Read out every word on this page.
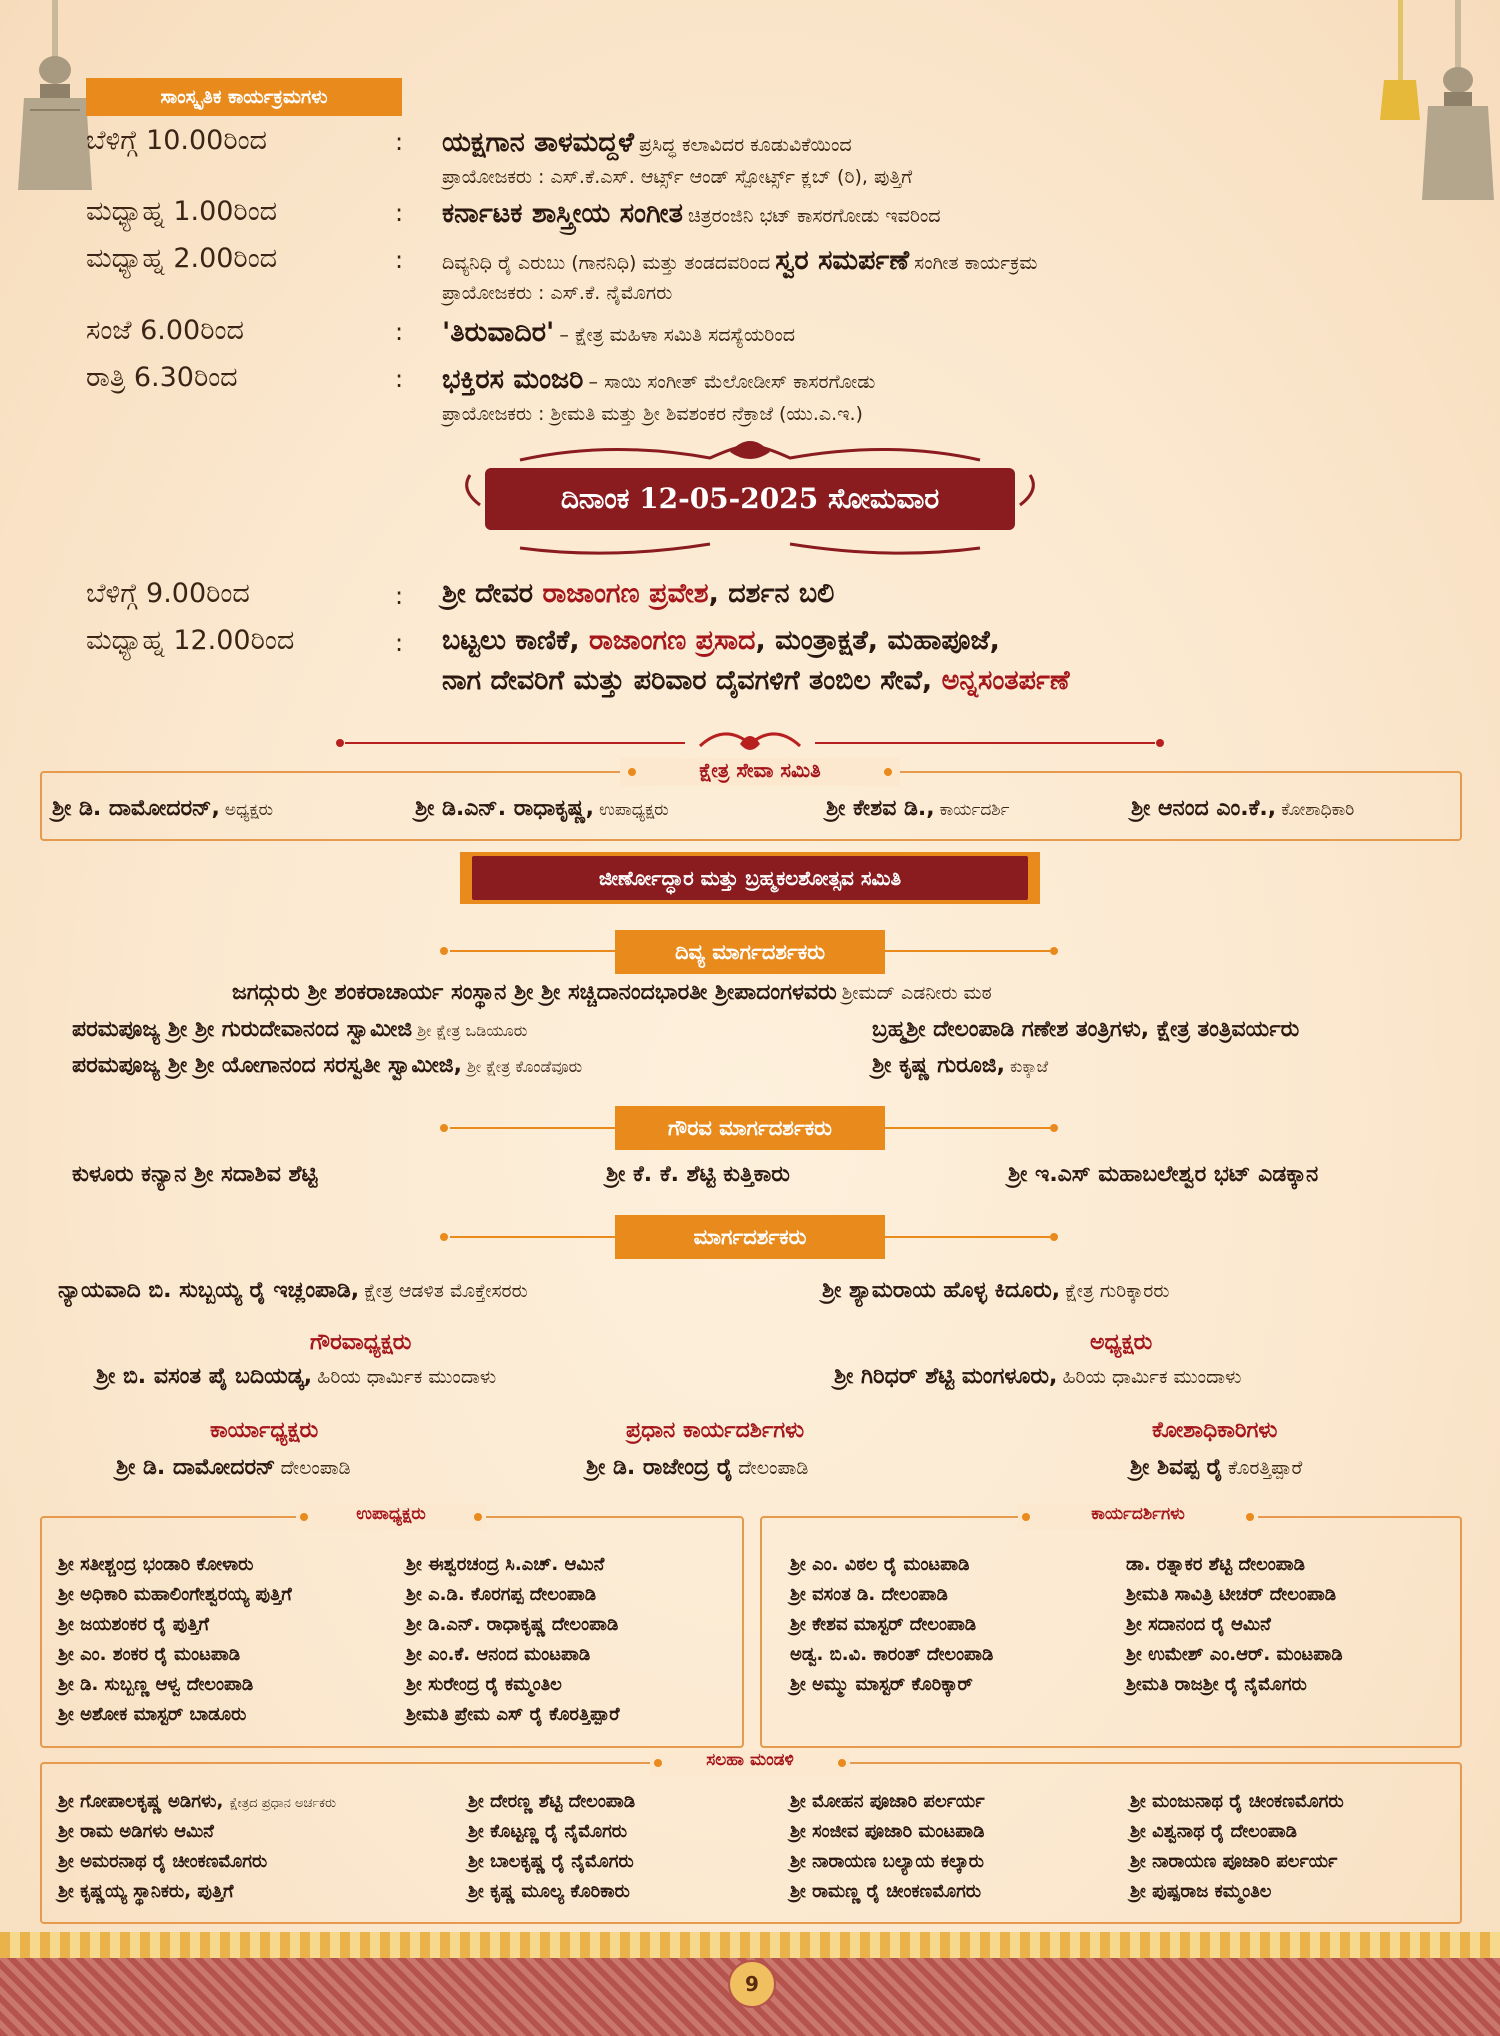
ಸಾಂಸ್ಕೃತಿಕ ಕಾರ್ಯಕ್ರಮಗಳು
ಬೆಳಿಗ್ಗೆ 10.00ರಿಂದ	: ಯಕ್ಷಗಾನ ತಾಳಮದ್ದಳೆ ಪ್ರಸಿದ್ಧ ಕಲಾವಿದರ ಕೂಡುವಿಕೆಯಿಂದ
ಪ್ರಾಯೋಜಕರು : ಎಸ್.ಕೆ.ಎಸ್. ಆರ್ಟ್ಸ್ ಆಂಡ್ ಸ್ಪೋರ್ಟ್ಸ್ ಕ್ಲಬ್ (ರಿ), ಪುತ್ತಿಗೆ
ಮಧ್ಯಾಹ್ನ 1.00ರಿಂದ	: ಕರ್ನಾಟಕ ಶಾಸ್ತ್ರೀಯ ಸಂಗೀತ ಚಿತ್ರರಂಜಿನಿ ಭಟ್ ಕಾಸರಗೋಡು ಇವರಿಂದ
ಮಧ್ಯಾಹ್ನ 2.00ರಿಂದ	: ದಿವ್ಯನಿಧಿ ರೈ ಎರುಬು (ಗಾನನಿಧಿ) ಮತ್ತು ತಂಡದವರಿಂದ ಸ್ವರ ಸಮರ್ಪಣೆ ಸಂಗೀತ ಕಾರ್ಯಕ್ರಮ
ಪ್ರಾಯೋಜಕರು : ಎಸ್.ಕೆ. ನೈಮೊಗರು
ಸಂಜೆ 6.00ರಿಂದ	: 'ತಿರುವಾದಿರ' – ಕ್ಷೇತ್ರ ಮಹಿಳಾ ಸಮಿತಿ ಸದಸ್ಯೆಯರಿಂದ
ರಾತ್ರಿ 6.30ರಿಂದ	: ಭಕ್ತಿರಸ ಮಂಜರಿ – ಸಾಯಿ ಸಂಗೀತ್ ಮೆಲೋಡೀಸ್ ಕಾಸರಗೋಡು
ಪ್ರಾಯೋಜಕರು : ಶ್ರೀಮತಿ ಮತ್ತು ಶ್ರೀ ಶಿವಶಂಕರ ನೆಕ್ರಾಜೆ (ಯು.ಎ.ಇ.)
ದಿನಾಂಕ 12-05-2025 ಸೋಮವಾರ
ಬೆಳಿಗ್ಗೆ 9.00ರಿಂದ	: ಶ್ರೀ ದೇವರ ರಾಜಾಂಗಣ ಪ್ರವೇಶ, ದರ್ಶನ ಬಲಿ
ಮಧ್ಯಾಹ್ನ 12.00ರಿಂದ	: ಬಟ್ಟಲು ಕಾಣಿಕೆ, ರಾಜಾಂಗಣ ಪ್ರಸಾದ, ಮಂತ್ರಾಕ್ಷತೆ, ಮಹಾಪೂಜೆ,
ನಾಗ ದೇವರಿಗೆ ಮತ್ತು ಪರಿವಾರ ದೈವಗಳಿಗೆ ತಂಬಿಲ ಸೇವೆ, ಅನ್ನಸಂತರ್ಪಣೆ
ಕ್ಷೇತ್ರ ಸೇವಾ ಸಮಿತಿ
ಶ್ರೀ ಡಿ. ದಾಮೋದರನ್, ಅಧ್ಯಕ್ಷರು	ಶ್ರೀ ಡಿ.ಎನ್. ರಾಧಾಕೃಷ್ಣ, ಉಪಾಧ್ಯಕ್ಷರು	ಶ್ರೀ ಕೇಶವ ಡಿ., ಕಾರ್ಯದರ್ಶಿ	ಶ್ರೀ ಆನಂದ ಎಂ.ಕೆ., ಕೋಶಾಧಿಕಾರಿ
ಜೀರ್ಣೋದ್ಧಾರ ಮತ್ತು ಬ್ರಹ್ಮಕಲಶೋತ್ಸವ ಸಮಿತಿ
ದಿವ್ಯ ಮಾರ್ಗದರ್ಶಕರು
ಜಗದ್ಗುರು ಶ್ರೀ ಶಂಕರಾಚಾರ್ಯ ಸಂಸ್ಥಾನ ಶ್ರೀ ಶ್ರೀ ಸಚ್ಚಿದಾನಂದಭಾರತೀ ಶ್ರೀಪಾದಂಗಳವರು ಶ್ರೀಮದ್ ಎಡನೀರು ಮಠ
ಪರಮಪೂಜ್ಯ ಶ್ರೀ ಶ್ರೀ ಗುರುದೇವಾನಂದ ಸ್ವಾಮೀಜಿ ಶ್ರೀ ಕ್ಷೇತ್ರ ಒಡಿಯೂರು	ಬ್ರಹ್ಮಶ್ರೀ ದೇಲಂಪಾಡಿ ಗಣೇಶ ತಂತ್ರಿಗಳು, ಕ್ಷೇತ್ರ ತಂತ್ರಿವರ್ಯರು
ಪರಮಪೂಜ್ಯ ಶ್ರೀ ಶ್ರೀ ಯೋಗಾನಂದ ಸರಸ್ವತೀ ಸ್ವಾಮೀಜಿ, ಶ್ರೀ ಕ್ಷೇತ್ರ ಕೊಂಡೆವೂರು	ಶ್ರೀ ಕೃಷ್ಣ ಗುರೂಜಿ, ಕುಕ್ಕಾಜೆ
ಗೌರವ ಮಾರ್ಗದರ್ಶಕರು
ಕುಳೂರು ಕನ್ಯಾನ ಶ್ರೀ ಸದಾಶಿವ ಶೆಟ್ಟಿ	ಶ್ರೀ ಕೆ. ಕೆ. ಶೆಟ್ಟಿ ಕುತ್ತಿಕಾರು	ಶ್ರೀ ಇ.ಎಸ್ ಮಹಾಬಲೇಶ್ವರ ಭಟ್ ಎಡಕ್ಕಾನ
ಮಾರ್ಗದರ್ಶಕರು
ನ್ಯಾಯವಾದಿ ಬಿ. ಸುಬ್ಬಯ್ಯ ರೈ ಇಚ್ಲಂಪಾಡಿ, ಕ್ಷೇತ್ರ ಆಡಳಿತ ಮೊಕ್ತೇಸರರು	ಶ್ರೀ ಶ್ಯಾಮರಾಯ ಹೊಳ್ಳ ಕಿದೂರು, ಕ್ಷೇತ್ರ ಗುರಿಕ್ಕಾರರು
ಗೌರವಾಧ್ಯಕ್ಷರು
ಶ್ರೀ ಬಿ. ವಸಂತ ಪೈ ಬದಿಯಡ್ಕ, ಹಿರಿಯ ಧಾರ್ಮಿಕ ಮುಂದಾಳು
ಅಧ್ಯಕ್ಷರು
ಶ್ರೀ ಗಿರಿಧರ್ ಶೆಟ್ಟಿ ಮಂಗಳೂರು, ಹಿರಿಯ ಧಾರ್ಮಿಕ ಮುಂದಾಳು
ಕಾರ್ಯಾಧ್ಯಕ್ಷರು
ಶ್ರೀ ಡಿ. ದಾಮೋದರನ್ ದೇಲಂಪಾಡಿ
ಪ್ರಧಾನ ಕಾರ್ಯದರ್ಶಿಗಳು
ಶ್ರೀ ಡಿ. ರಾಜೇಂದ್ರ ರೈ ದೇಲಂಪಾಡಿ
ಕೋಶಾಧಿಕಾರಿಗಳು
ಶ್ರೀ ಶಿವಪ್ಪ ರೈ ಕೊರತ್ತಿಪ್ಪಾರೆ
ಉಪಾಧ್ಯಕ್ಷರು
ಶ್ರೀ ಸತೀಶ್ಚಂದ್ರ ಭಂಡಾರಿ ಕೋಳಾರು
ಶ್ರೀ ಅಧಿಕಾರಿ ಮಹಾಲಿಂಗೇಶ್ವರಯ್ಯ ಪುತ್ತಿಗೆ
ಶ್ರೀ ಜಯಶಂಕರ ರೈ ಪುತ್ತಿಗೆ
ಶ್ರೀ ಎಂ. ಶಂಕರ ರೈ ಮಂಟಪಾಡಿ
ಶ್ರೀ ಡಿ. ಸುಬ್ಬಣ್ಣ ಆಳ್ವ ದೇಲಂಪಾಡಿ
ಶ್ರೀ ಅಶೋಕ ಮಾಸ್ಟರ್ ಬಾಡೂರು
ಶ್ರೀ ಈಶ್ವರಚಂದ್ರ ಸಿ.ಎಚ್. ಆಮಿನೆ
ಶ್ರೀ ಎ.ಡಿ. ಕೊರಗಪ್ಪ ದೇಲಂಪಾಡಿ
ಶ್ರೀ ಡಿ.ಎನ್. ರಾಧಾಕೃಷ್ಣ ದೇಲಂಪಾಡಿ
ಶ್ರೀ ಎಂ.ಕೆ. ಆನಂದ ಮಂಟಪಾಡಿ
ಶ್ರೀ ಸುರೇಂದ್ರ ರೈ ಕಮ್ಮಂತಿಲ
ಶ್ರೀಮತಿ ಪ್ರೇಮ ಎಸ್ ರೈ ಕೊರತ್ತಿಪ್ಪಾರೆ
ಕಾರ್ಯದರ್ಶಿಗಳು
ಶ್ರೀ ಎಂ. ವಿಠಲ ರೈ ಮಂಟಪಾಡಿ
ಶ್ರೀ ವಸಂತ ಡಿ. ದೇಲಂಪಾಡಿ
ಶ್ರೀ ಕೇಶವ ಮಾಸ್ಟರ್ ದೇಲಂಪಾಡಿ
ಅಡ್ವ. ಬಿ.ವಿ. ಕಾರಂತ್ ದೇಲಂಪಾಡಿ
ಶ್ರೀ ಅಮ್ಮು ಮಾಸ್ಟರ್ ಕೊರಿಕ್ಕಾರ್
ಡಾ. ರತ್ನಾಕರ ಶೆಟ್ಟಿ ದೇಲಂಪಾಡಿ
ಶ್ರೀಮತಿ ಸಾವಿತ್ರಿ ಟೀಚರ್ ದೇಲಂಪಾಡಿ
ಶ್ರೀ ಸದಾನಂದ ರೈ ಆಮಿನೆ
ಶ್ರೀ ಉಮೇಶ್ ಎಂ.ಆರ್. ಮಂಟಪಾಡಿ
ಶ್ರೀಮತಿ ರಾಜಶ್ರೀ ರೈ ನೈಮೊಗರು
ಸಲಹಾ ಮಂಡಳಿ
ಶ್ರೀ ಗೋಪಾಲಕೃಷ್ಣ ಅಡಿಗಳು, ಕ್ಷೇತ್ರದ ಪ್ರಧಾನ ಅರ್ಚಕರು
ಶ್ರೀ ರಾಮ ಅಡಿಗಳು ಆಮಿನೆ
ಶ್ರೀ ಅಮರನಾಥ ರೈ ಚೀಂಕಣಮೊಗರು
ಶ್ರೀ ಕೃಷ್ಣಯ್ಯ ಸ್ಥಾನಿಕರು, ಪುತ್ತಿಗೆ
ಶ್ರೀ ದೇರಣ್ಣ ಶೆಟ್ಟಿ ದೇಲಂಪಾಡಿ
ಶ್ರೀ ಕೊಟ್ಟಣ್ಣ ರೈ ನೈಮೊಗರು
ಶ್ರೀ ಬಾಲಕೃಷ್ಣ ರೈ ನೈಮೊಗರು
ಶ್ರೀ ಕೃಷ್ಣ ಮೂಲ್ಯ ಕೊರಿಕಾರು
ಶ್ರೀ ಮೋಹನ ಪೂಜಾರಿ ಪರ್ಲರ್ಯ
ಶ್ರೀ ಸಂಜೀವ ಪೂಜಾರಿ ಮಂಟಪಾಡಿ
ಶ್ರೀ ನಾರಾಯಣ ಬಲ್ಯಾಯ ಕಲ್ಕಾರು
ಶ್ರೀ ರಾಮಣ್ಣ ರೈ ಚೀಂಕಣಮೊಗರು
ಶ್ರೀ ಮಂಜುನಾಥ ರೈ ಚೀಂಕಣಮೊಗರು
ಶ್ರೀ ವಿಶ್ವನಾಥ ರೈ ದೇಲಂಪಾಡಿ
ಶ್ರೀ ನಾರಾಯಣ ಪೂಜಾರಿ ಪರ್ಲರ್ಯ
ಶ್ರೀ ಪುಷ್ಪರಾಜ ಕಮ್ಮಂತಿಲ
9
